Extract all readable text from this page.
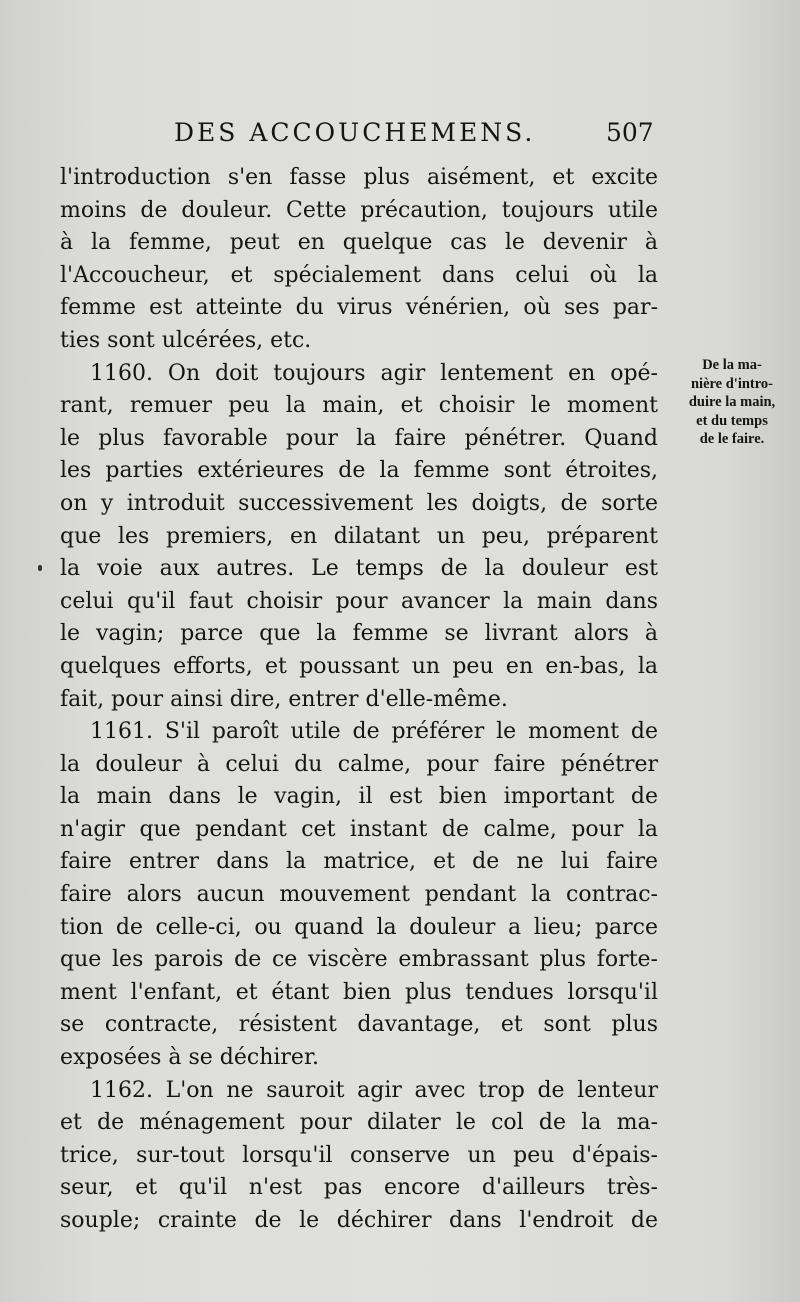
DES ACCOUCHEMENS.	507
l'introduction s'en fasse plus aisément, et excite
moins de douleur. Cette précaution, toujours utile
à la femme, peut en quelque cas le devenir à
l'Accoucheur, et spécialement dans celui où la
femme est atteinte du virus vénérien, où ses par-
ties sont ulcérées, etc.
1160. On doit toujours agir lentement en opé-
rant, remuer peu la main, et choisir le moment
le plus favorable pour la faire pénétrer. Quand
les parties extérieures de la femme sont étroites,
on y introduit successivement les doigts, de sorte
que les premiers, en dilatant un peu, préparent
la voie aux autres. Le temps de la douleur est
celui qu'il faut choisir pour avancer la main dans
le vagin; parce que la femme se livrant alors à
quelques efforts, et poussant un peu en en-bas, la
fait, pour ainsi dire, entrer d'elle-même.
1161. S'il paroît utile de préférer le moment de
la douleur à celui du calme, pour faire pénétrer
la main dans le vagin, il est bien important de
n'agir que pendant cet instant de calme, pour la
faire entrer dans la matrice, et de ne lui faire
faire alors aucun mouvement pendant la contrac-
tion de celle-ci, ou quand la douleur a lieu; parce
que les parois de ce viscère embrassant plus forte-
ment l'enfant, et étant bien plus tendues lorsqu'il
se contracte, résistent davantage, et sont plus
exposées à se déchirer.
1162. L'on ne sauroit agir avec trop de lenteur
et de ménagement pour dilater le col de la ma-
trice, sur-tout lorsqu'il conserve un peu d'épais-
seur, et qu'il n'est pas encore d'ailleurs très-
souple; crainte de le déchirer dans l'endroit de
De la ma-
nière d'intro-
duire la main,
et du temps
de le faire.
